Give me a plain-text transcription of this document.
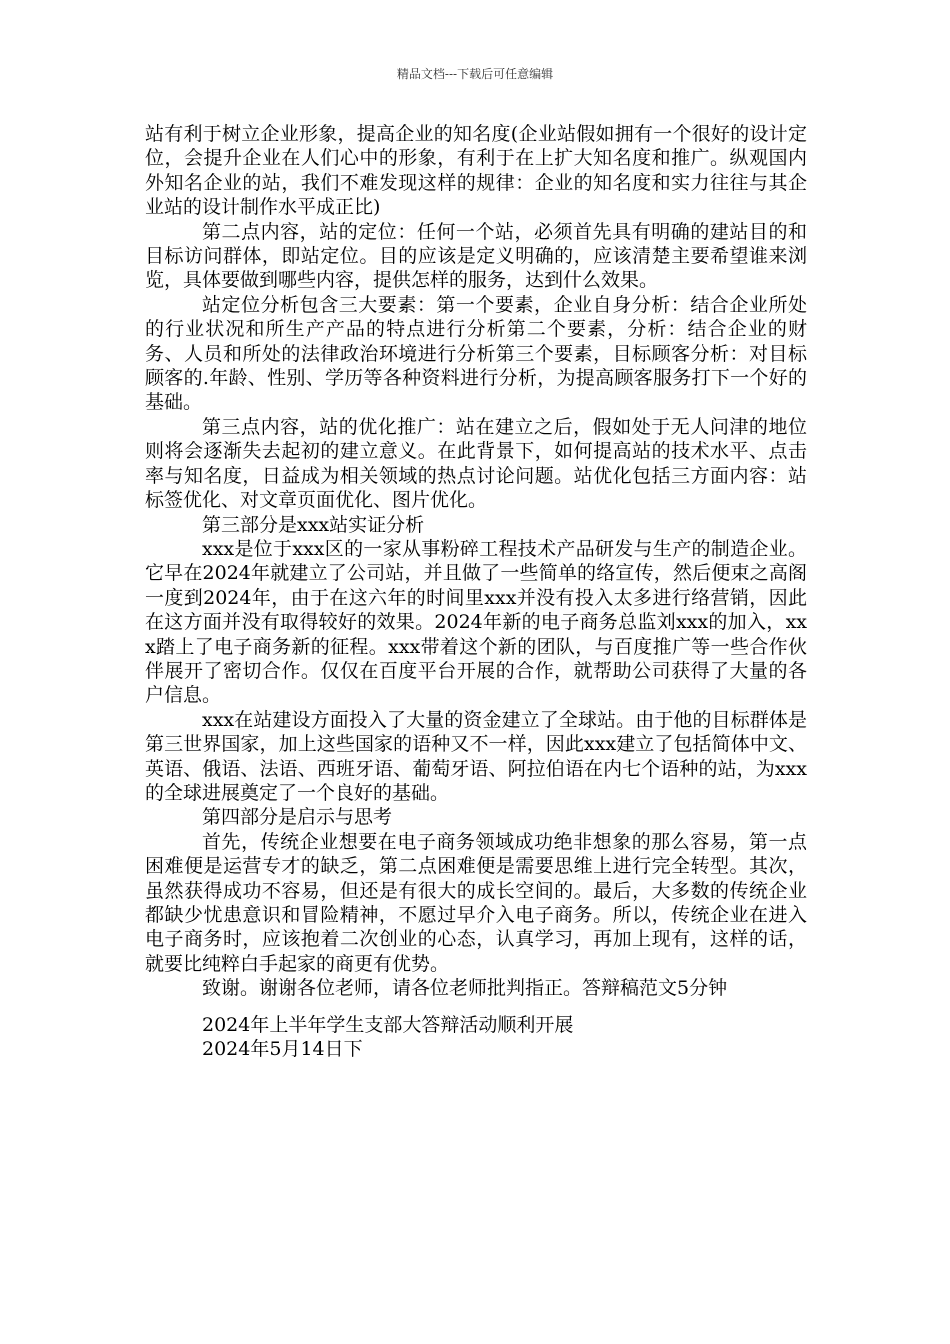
精品文档---下载后可任意编辑

站有利于树立企业形象，提高企业的知名度(企业站假如拥有一个很好的设计定位，会提升企业在人们心中的形象，有利于在上扩大知名度和推广。纵观国内外知名企业的站，我们不难发现这样的规律：企业的知名度和实力往往与其企业站的设计制作水平成正比)

第二点内容，站的定位：任何一个站，必须首先具有明确的建站目的和目标访问群体，即站定位。目的应该是定义明确的，应该清楚主要希望谁来浏览，具体要做到哪些内容，提供怎样的服务，达到什么效果。

站定位分析包含三大要素：第一个要素，企业自身分析：结合企业所处的行业状况和所生产产品的特点进行分析第二个要素，分析：结合企业的财务、人员和所处的法律政治环境进行分析第三个要素，目标顾客分析：对目标顾客的.年龄、性别、学历等各种资料进行分析，为提高顾客服务打下一个好的基础。

第三点内容，站的优化推广：站在建立之后，假如处于无人问津的地位则将会逐渐失去起初的建立意义。在此背景下，如何提高站的技术水平、点击率与知名度，日益成为相关领域的热点讨论问题。站优化包括三方面内容：站标签优化、对文章页面优化、图片优化。

第三部分是xxx站实证分析

xxx是位于xxx区的一家从事粉碎工程技术产品研发与生产的制造企业。它早在2024年就建立了公司站，并且做了一些简单的络宣传，然后便束之高阁一度到2024年，由于在这六年的时间里xxx并没有投入太多进行络营销，因此在这方面并没有取得较好的效果。2024年新的电子商务总监刘xxx的加入，xxx踏上了电子商务新的征程。xxx带着这个新的团队，与百度推广等一些合作伙伴展开了密切合作。仅仅在百度平台开展的合作，就帮助公司获得了大量的各户信息。

xxx在站建设方面投入了大量的资金建立了全球站。由于他的目标群体是第三世界国家，加上这些国家的语种又不一样，因此xxx建立了包括简体中文、英语、俄语、法语、西班牙语、葡萄牙语、阿拉伯语在内七个语种的站，为xxx的全球进展奠定了一个良好的基础。

第四部分是启示与思考

首先，传统企业想要在电子商务领域成功绝非想象的那么容易，第一点困难便是运营专才的缺乏，第二点困难便是需要思维上进行完全转型。其次，虽然获得成功不容易，但还是有很大的成长空间的。最后，大多数的传统企业都缺少忧患意识和冒险精神，不愿过早介入电子商务。所以，传统企业在进入电子商务时，应该抱着二次创业的心态，认真学习，再加上现有，这样的话，就要比纯粹白手起家的商更有优势。

致谢。谢谢各位老师，请各位老师批判指正。答辩稿范文5分钟

2024年上半年学生支部大答辩活动顺利开展

2024年5月14日下
